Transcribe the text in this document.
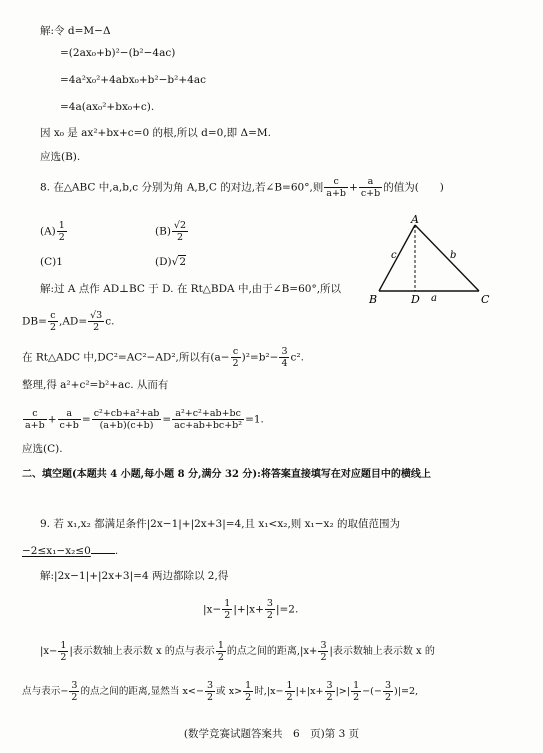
解:令 d=M−Δ
=(2ax₀+b)²−(b²−4ac)
=4a²x₀²+4abx₀+b²−b²+4ac
=4a(ax₀²+bx₀+c).
因 x₀ 是 ax²+bx+c=0 的根,所以 d=0,即 Δ=M.
应选(B).
8. 在△ABC 中,a,b,c 分别为角 A,B,C 的对边,若∠B=60°,则 $\frac{c}{a+b} + \frac{a}{c+b}$ 的值为(　　)
$(A) \frac{1}{2}$	$(B) \frac{√2}{2}$
(C)1	(D)√2
A
B	C
D a
b
c
解:过 A 点作 AD⊥BC 于 D. 在 Rt△BDA 中,由于∠B=60°,所以
$DB= \frac{c}{2} ,AD= \frac{√3}{2} c$.
在 Rt△ADC 中,DC²=AC²−AD²,所以有$(a- \frac{c}{2} )^2=b^2- \frac{3}{4} c^2$.
整理,得 a²+c²=b²+ac. 从而有
$\frac{c}{a+b} + \frac{a}{c+b} = \frac{\text{c²+cb+a²+ab}}{(a+b)(c+b)} = \frac{\text{a²+c²+ab+bc}}{\text{ac+ab+bc+b²}} =1$.
应选(C).
二、填空题(本题共 4 小题,每小题 8 分,满分 32 分):将答案直接填写在对应题目中的横线上
9. 若 x₁,x₂ 都满足条件|2x−1|+|2x+3|=4,且 x₁<x₂,则 x₁−x₂ 的取值范围为
−2≤x₁−x₂≤0 .
解:|2x−1|+|2x+3|=4 两边都除以 2,得
$|x- \frac{1}{2} |+|x+ \frac{3}{2} |=2$.
$|x- \frac{1}{2}$ |表示数轴上表示数 x 的点与表示 $\frac{1}{2}$ 的点之间的距离$,|x+ \frac{3}{2}$ |表示数轴上表示数 x 的
点与表示− $\frac{3}{2}$ 的点之间的距离,显然当 $x<- \frac{3}{2}$ 或 $x> \frac{1}{2}$ 时$,|x- \frac{1}{2} |+|x+ \frac{3}{2}$ |>| $\frac{1}{2}$ −(− $\frac{3}{2} )|=2$,
(数学竞赛试题答案共　6　页)第 3 页
